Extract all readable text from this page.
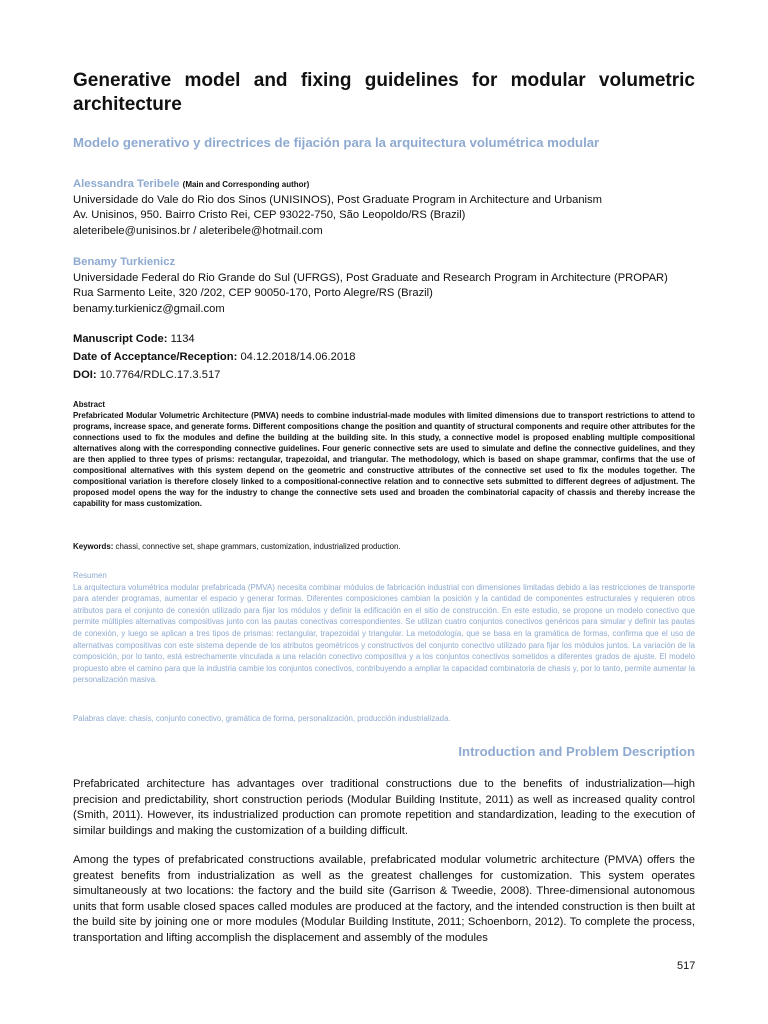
Generative model and fixing guidelines for modular volumetric architecture
Modelo generativo y directrices de fijación para la arquitectura volumétrica modular
Alessandra Teribele (Main and Corresponding author)
Universidade do Vale do Rio dos Sinos (UNISINOS), Post Graduate Program in Architecture and Urbanism
Av. Unisinos, 950. Bairro Cristo Rei, CEP 93022-750, São Leopoldo/RS (Brazil)
aleteribele@unisinos.br / aleteribele@hotmail.com
Benamy Turkienicz
Universidade Federal do Rio Grande do Sul (UFRGS), Post Graduate and Research Program in Architecture (PROPAR)
Rua Sarmento Leite, 320 /202, CEP 90050-170, Porto Alegre/RS (Brazil)
benamy.turkienicz@gmail.com
Manuscript Code: 1134
Date of Acceptance/Reception: 04.12.2018/14.06.2018
DOI: 10.7764/RDLC.17.3.517
Abstract
Prefabricated Modular Volumetric Architecture (PMVA) needs to combine industrial-made modules with limited dimensions due to transport restrictions to attend to programs, increase space, and generate forms. Different compositions change the position and quantity of structural components and require other attributes for the connections used to fix the modules and define the building at the building site. In this study, a connective model is proposed enabling multiple compositional alternatives along with the corresponding connective guidelines. Four generic connective sets are used to simulate and define the connective guidelines, and they are then applied to three types of prisms: rectangular, trapezoidal, and triangular. The methodology, which is based on shape grammar, confirms that the use of compositional alternatives with this system depend on the geometric and constructive attributes of the connective set used to fix the modules together. The compositional variation is therefore closely linked to a compositional-connective relation and to connective sets submitted to different degrees of adjustment. The proposed model opens the way for the industry to change the connective sets used and broaden the combinatorial capacity of chassis and thereby increase the capability for mass customization.
Keywords: chassi, connective set, shape grammars, customization, industrialized production.
Resumen
La arquitectura volumétrica modular prefabricada (PMVA) necesita combinar módulos de fabricación industrial con dimensiones limitadas debido a las restricciones de transporte para atender programas, aumentar el espacio y generar formas. Diferentes composiciones cambian la posición y la cantidad de componentes estructurales y requieren otros atributos para el conjunto de conexión utilizado para fijar los módulos y definir la edificación en el sitio de construcción. En este estudio, se propone un modelo conectivo que permite múltiples alternativas compositivas junto con las pautas conectivas correspondientes. Se utilizan cuatro conjuntos conectivos genéricos para simular y definir las pautas de conexión, y luego se aplican a tres tipos de prismas: rectangular, trapezoidal y triangular. La metodología, que se basa en la gramática de formas, confirma que el uso de alternativas compositivas con este sistema depende de los atributos geométricos y constructivos del conjunto conectivo utilizado para fijar los módulos juntos. La variación de la composición, por lo tanto, está estrechamente vinculada a una relación conectivo compositiva y a los conjuntos conectivos sometidos a diferentes grados de ajuste. El modelo propuesto abre el camino para que la industria cambie los conjuntos conectivos, contribuyendo a ampliar la capacidad combinatoria de chasis y, por lo tanto, permite aumentar la personalización masiva.
Palabras clave: chasis, conjunto conectivo, gramática de forma, personalización, producción industrializada.
Introduction and Problem Description

Prefabricated architecture has advantages over traditional constructions due to the benefits of industrialization—high precision and predictability, short construction periods (Modular Building Institute, 2011) as well as increased quality control (Smith, 2011). However, its industrialized production can promote repetition and standardization, leading to the execution of similar buildings and making the customization of a building difficult.

Among the types of prefabricated constructions available, prefabricated modular volumetric architecture (PMVA) offers the greatest benefits from industrialization as well as the greatest challenges for customization. This system operates simultaneously at two locations: the factory and the build site (Garrison & Tweedie, 2008). Three-dimensional autonomous units that form usable closed spaces called modules are produced at the factory, and the intended construction is then built at the build site by joining one or more modules (Modular Building Institute, 2011; Schoenborn, 2012). To complete the process, transportation and lifting accomplish the displacement and assembly of the modules

517
